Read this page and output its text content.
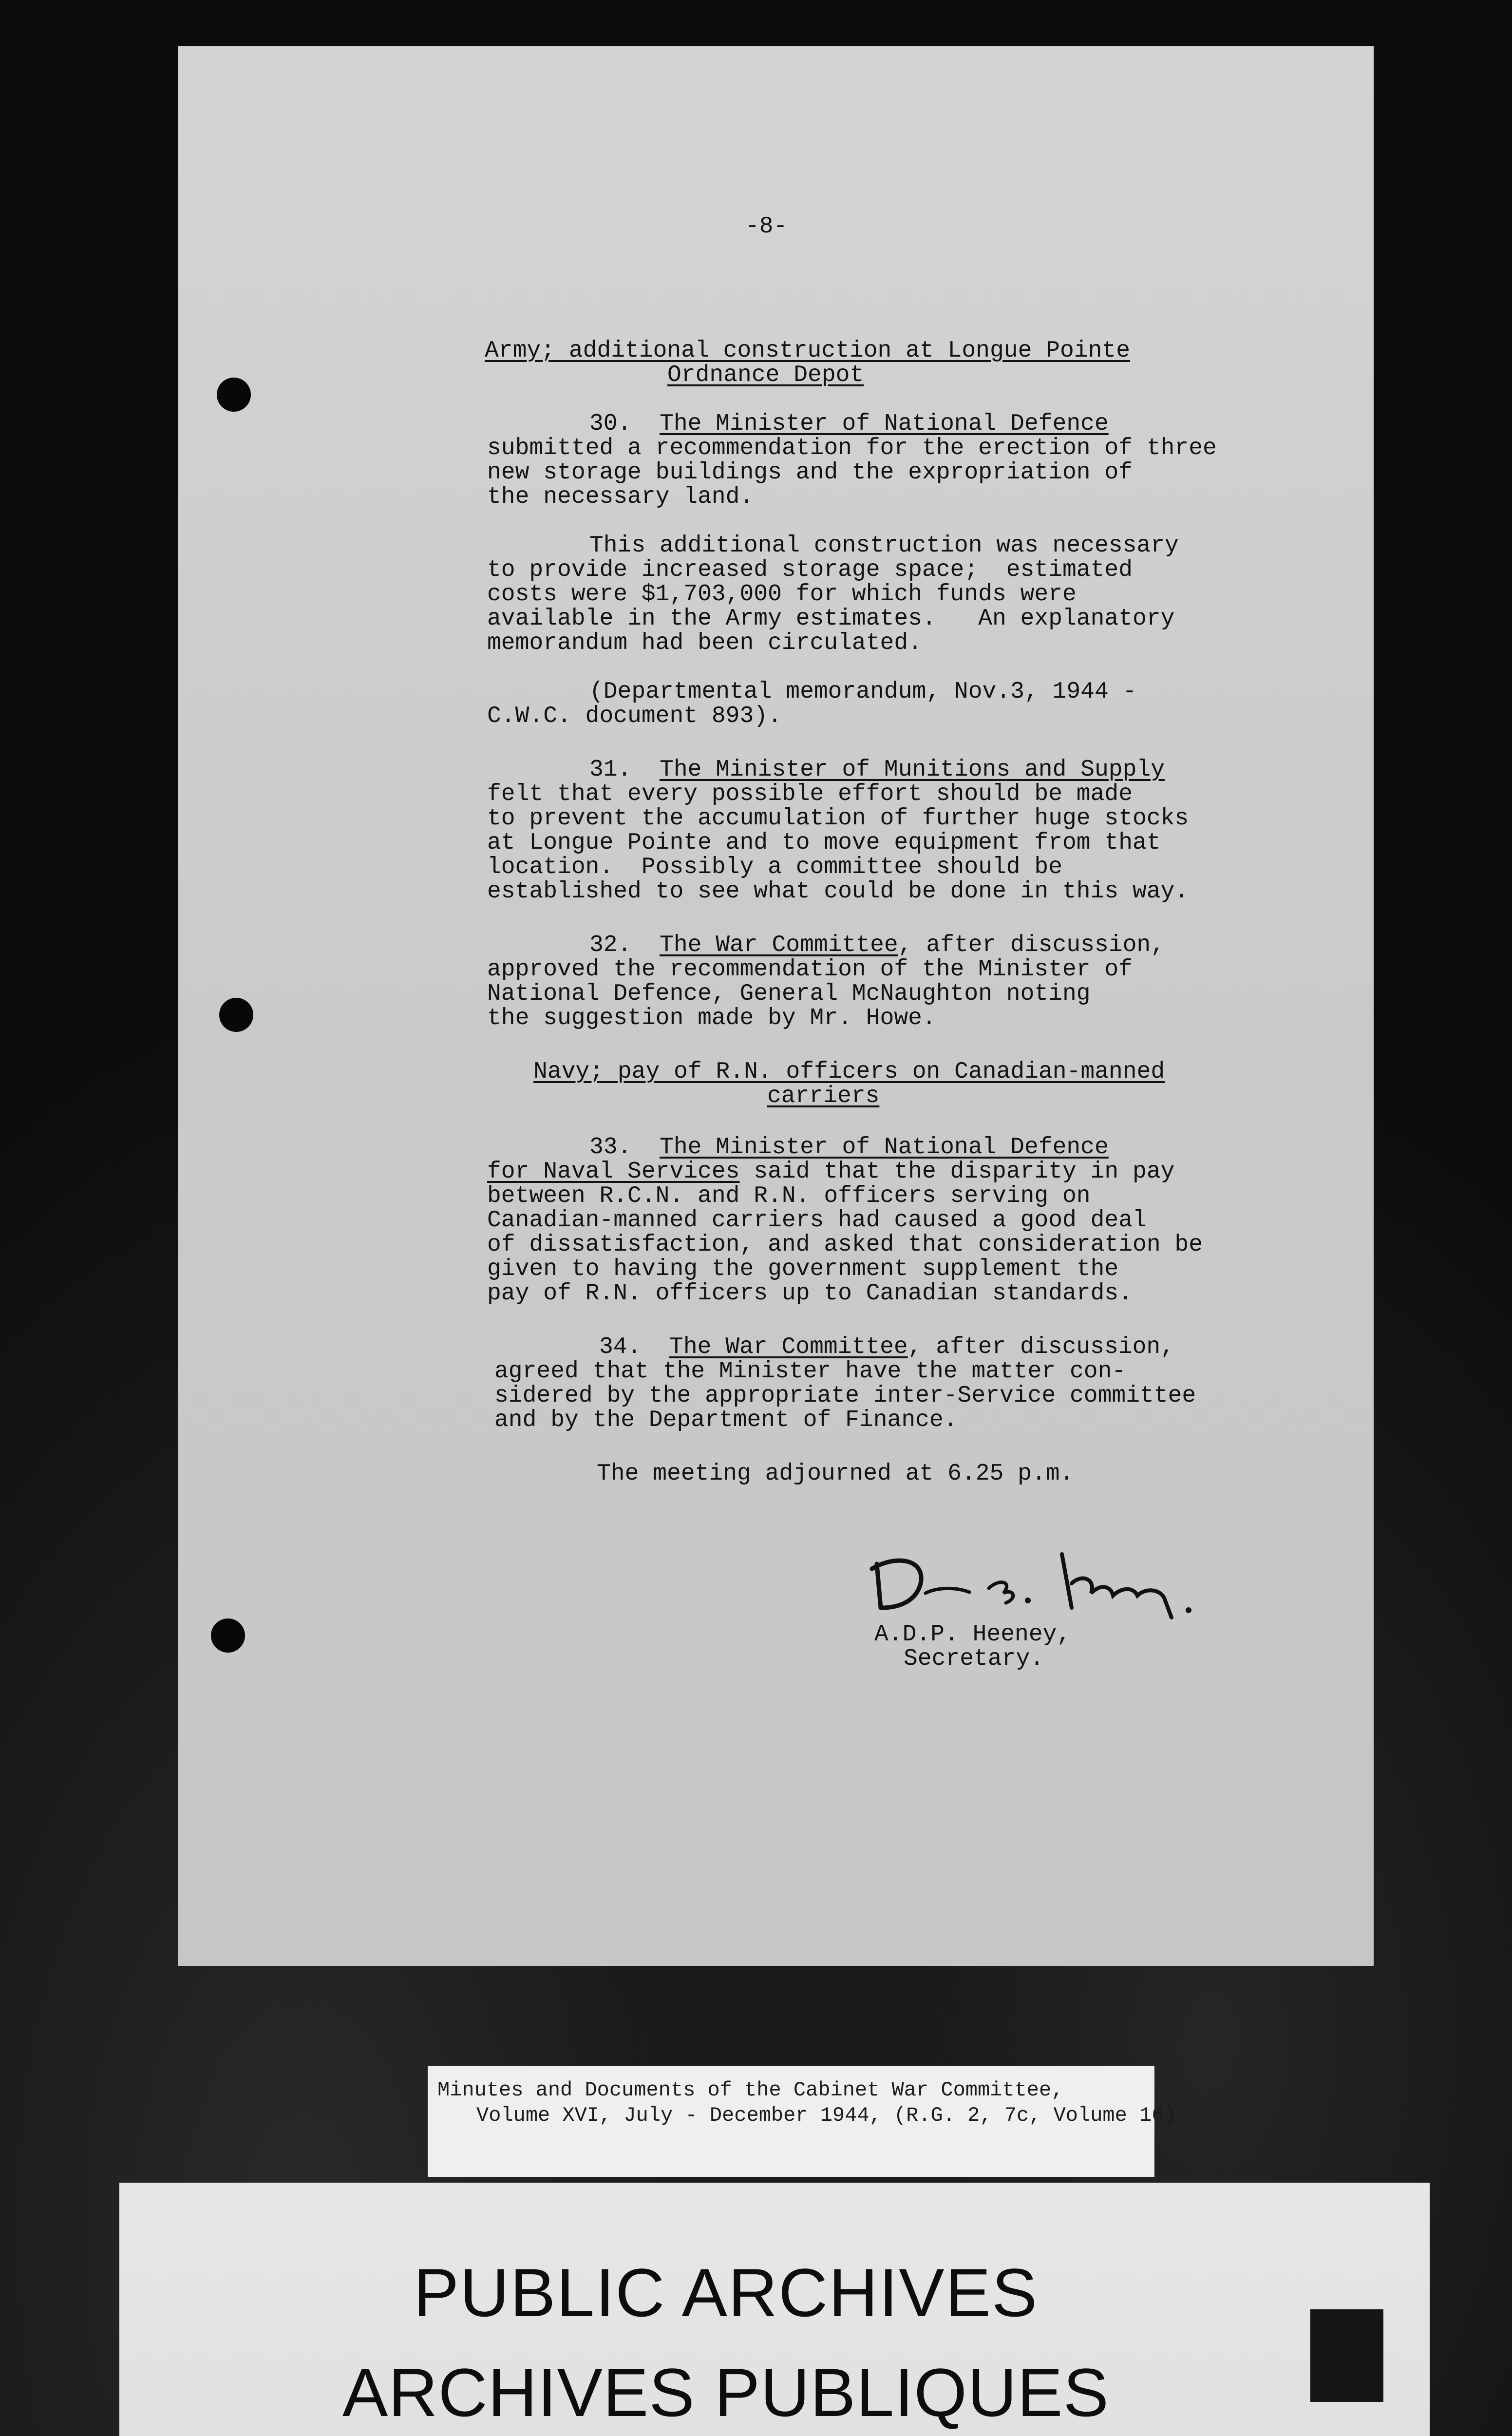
-8-
Army; additional construction at Longue Pointe
Ordnance Depot
30. The Minister of National Defence
submitted a recommendation for the erection of three
new storage buildings and the expropriation of
the necessary land.
This additional construction was necessary
to provide increased storage space;  estimated
costs were $1,703,000 for which funds were
available in the Army estimates.   An explanatory
memorandum had been circulated.
(Departmental memorandum, Nov.3, 1944 -
C.W.C. document 893).
31. The Minister of Munitions and Supply
felt that every possible effort should be made
to prevent the accumulation of further huge stocks
at Longue Pointe and to move equipment from that
location.  Possibly a committee should be
established to see what could be done in this way.
32. The War Committee, after discussion,
approved the recommendation of the Minister of
National Defence, General McNaughton noting
the suggestion made by Mr. Howe.
Navy; pay of R.N. officers on Canadian-manned
carriers
33. The Minister of National Defence
for Naval Services said that the disparity in pay
between R.C.N. and R.N. officers serving on
Canadian-manned carriers had caused a good deal
of dissatisfaction, and asked that consideration be
given to having the government supplement the
pay of R.N. officers up to Canadian standards.
34. The War Committee, after discussion,
agreed that the Minister have the matter con-
sidered by the appropriate inter-Service committee
and by the Department of Finance.
The meeting adjourned at 6.25 p.m.
A.D.P. Heeney,
Secretary.
Minutes and Documents of the Cabinet War Committee,
Volume XVI, July - December 1944, (R.G. 2, 7c, Volume 16)
PUBLIC ARCHIVES
ARCHIVES PUBLIQUES
